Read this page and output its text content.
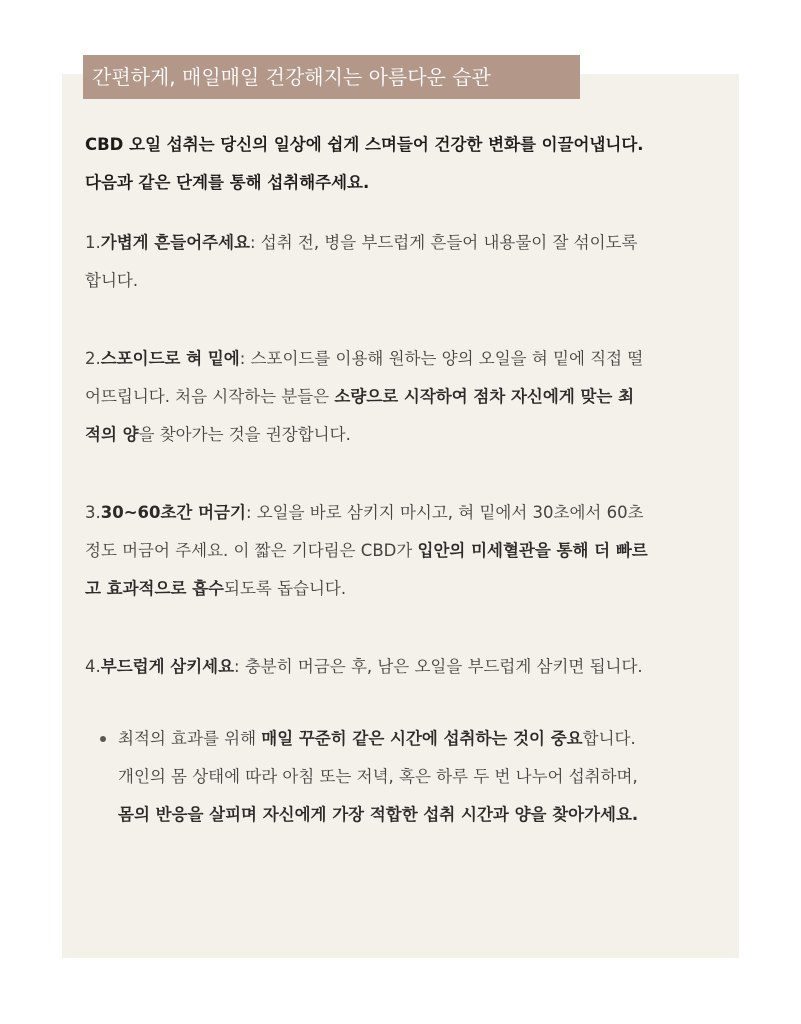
간편하게, 매일매일 건강해지는 아름다운 습관

CBD 오일 섭취는 당신의 일상에 쉽게 스며들어 건강한 변화를 이끌어냅니다.
다음과 같은 단계를 통해 섭취해주세요.

1.가볍게 흔들어주세요: 섭취 전, 병을 부드럽게 흔들어 내용물이 잘 섞이도록
합니다.

2.스포이드로 혀 밑에: 스포이드를 이용해 원하는 양의 오일을 혀 밑에 직접 떨
어뜨립니다. 처음 시작하는 분들은 소량으로 시작하여 점차 자신에게 맞는 최
적의 양을 찾아가는 것을 권장합니다.

3.30~60초간 머금기: 오일을 바로 삼키지 마시고, 혀 밑에서 30초에서 60초
정도 머금어 주세요. 이 짧은 기다림은 CBD가 입안의 미세혈관을 통해 더 빠르
고 효과적으로 흡수되도록 돕습니다.

4.부드럽게 삼키세요: 충분히 머금은 후, 남은 오일을 부드럽게 삼키면 됩니다.

최적의 효과를 위해 매일 꾸준히 같은 시간에 섭취하는 것이 중요합니다.
개인의 몸 상태에 따라 아침 또는 저녁, 혹은 하루 두 번 나누어 섭취하며,
몸의 반응을 살피며 자신에게 가장 적합한 섭취 시간과 양을 찾아가세요.
